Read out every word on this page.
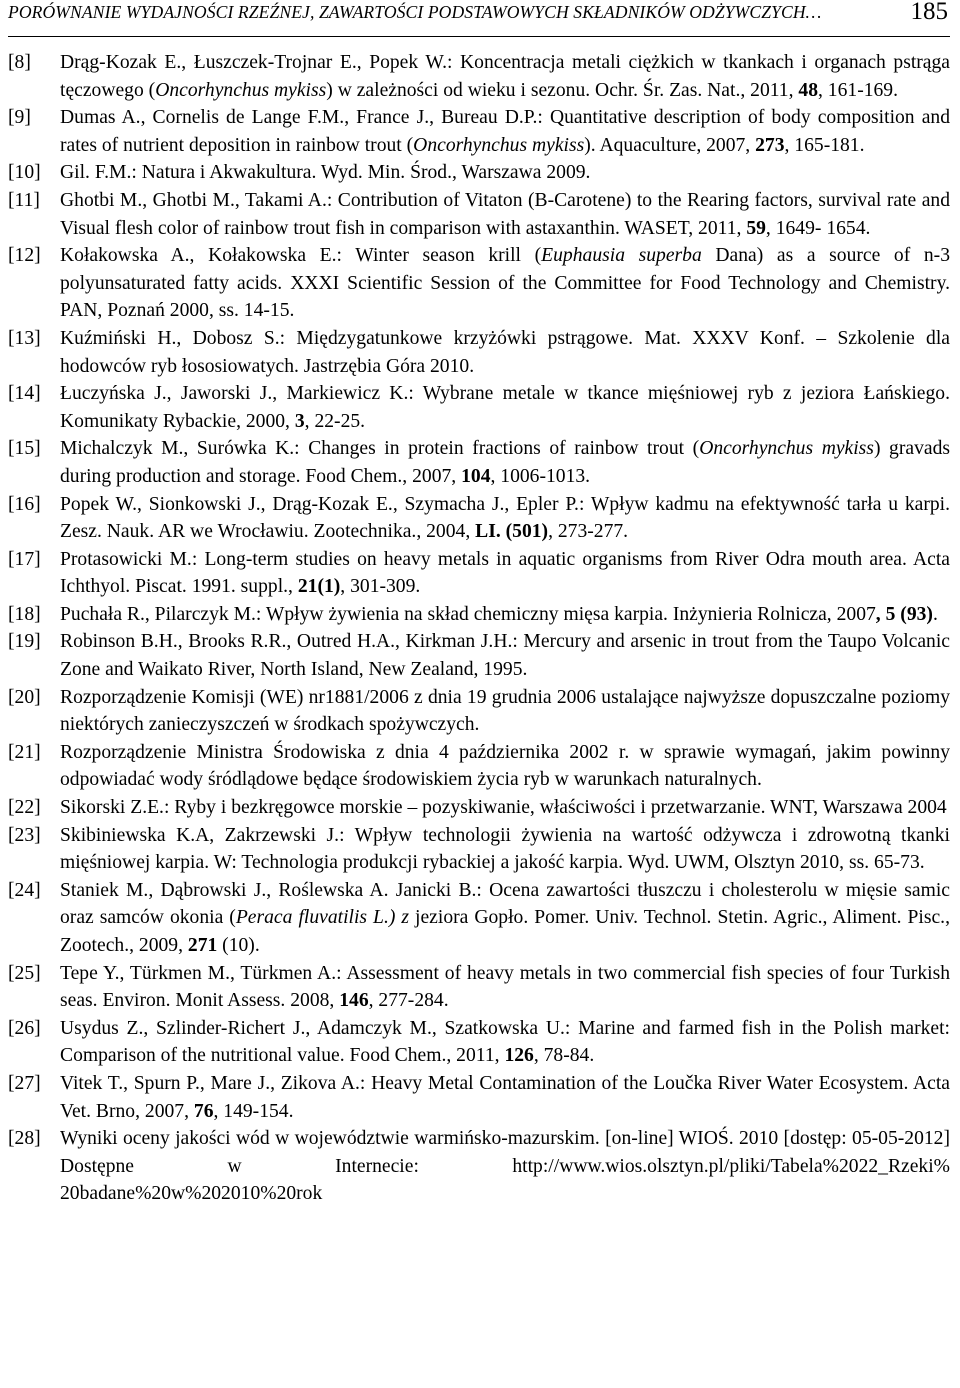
PORÓWNANIE WYDAJNOŚCI RZEŹNEJ, ZAWARTOŚCI PODSTAWOWYCH SKŁADNIKÓW ODŻYWCZYCH…	185

[8] Drąg-Kozak E., Łuszczek-Trojnar E., Popek W.: Koncentracja metali ciężkich w tkankach i organach pstrąga tęczowego (Oncorhynchus mykiss) w zależności od wieku i sezonu. Ochr. Śr. Zas. Nat., 2011, 48, 161-169.

[9] Dumas A., Cornelis de Lange F.M., France J., Bureau D.P.: Quantitative description of body composition and rates of nutrient deposition in rainbow trout (Oncorhynchus mykiss). Aquaculture, 2007, 273, 165-181.

[10] Gil. F.M.: Natura i Akwakultura. Wyd. Min. Środ., Warszawa 2009.

[11] Ghotbi M., Ghotbi M., Takami A.: Contribution of Vitaton (B-Carotene) to the Rearing factors, survival rate and Visual flesh color of rainbow trout fish in comparison with astaxanthin. WASET, 2011, 59, 1649- 1654.

[12] Kołakowska A., Kołakowska E.: Winter season krill (Euphausia superba Dana) as a source of n-3 polyunsaturated fatty acids. XXXI Scientific Session of the Committee for Food Technology and Chemistry. PAN, Poznań 2000, ss. 14-15.

[13] Kuźmiński H., Dobosz S.: Międzygatunkowe krzyżówki pstrągowe. Mat. XXXV Konf. – Szkolenie dla hodowców ryb łososiowatych. Jastrzębia Góra 2010.

[14] Łuczyńska J., Jaworski J., Markiewicz K.: Wybrane metale w tkance mięśniowej ryb z jeziora Łańskiego. Komunikaty Rybackie, 2000, 3, 22-25.

[15] Michalczyk M., Surówka K.: Changes in protein fractions of rainbow trout (Oncorhynchus mykiss) gravads during production and storage. Food Chem., 2007, 104, 1006-1013.

[16] Popek W., Sionkowski J., Drąg-Kozak E., Szymacha J., Epler P.: Wpływ kadmu na efektywność tarła u karpi. Zesz. Nauk. AR we Wrocławiu. Zootechnika., 2004, LI. (501), 273-277.

[17] Protasowicki M.: Long-term studies on heavy metals in aquatic organisms from River Odra mouth area. Acta Ichthyol. Piscat. 1991. suppl., 21(1), 301-309.

[18] Puchała R., Pilarczyk M.: Wpływ żywienia na skład chemiczny mięsa karpia. Inżynieria Rolnicza, 2007, 5 (93).

[19] Robinson B.H., Brooks R.R., Outred H.A., Kirkman J.H.: Mercury and arsenic in trout from the Taupo Volcanic Zone and Waikato River, North Island, New Zealand, 1995.

[20] Rozporządzenie Komisji (WE) nr1881/2006 z dnia 19 grudnia 2006 ustalające najwyższe dopuszczalne poziomy niektórych zanieczyszczeń w środkach spożywczych.

[21] Rozporządzenie Ministra Środowiska z dnia 4 października 2002 r. w sprawie wymagań, jakim powinny odpowiadać wody śródlądowe będące środowiskiem życia ryb w warunkach naturalnych.

[22] Sikorski Z.E.: Ryby i bezkręgowce morskie – pozyskiwanie, właściwości i przetwarzanie. WNT, Warszawa 2004

[23] Skibiniewska K.A, Zakrzewski J.: Wpływ technologii żywienia na wartość odżywcza i zdrowotną tkanki mięśniowej karpia. W: Technologia produkcji rybackiej a jakość karpia. Wyd. UWM, Olsztyn 2010, ss. 65-73.

[24] Staniek M., Dąbrowski J., Roślewska A. Janicki B.: Ocena zawartości tłuszczu i cholesterolu w mięsie samic oraz samców okonia (Peraca fluvatilis L.) z jeziora Gopło. Pomer. Univ. Technol. Stetin. Agric., Aliment. Pisc., Zootech., 2009, 271 (10).

[25] Tepe Y., Türkmen M., Türkmen A.: Assessment of heavy metals in two commercial fish species of four Turkish seas. Environ. Monit Assess. 2008, 146, 277-284.

[26] Usydus Z., Szlinder-Richert J., Adamczyk M., Szatkowska U.: Marine and farmed fish in the Polish market: Comparison of the nutritional value. Food Chem., 2011, 126, 78-84.

[27] Vitek T., Spurn P., Mare J., Zikova A.: Heavy Metal Contamination of the Loučka River Water Ecosystem. Acta Vet. Brno, 2007, 76, 149-154.

[28] Wyniki oceny jakości wód w województwie warmińsko-mazurskim. [on-line] WIOŚ. 2010 [dostęp: 05-05-2012] Dostępne w Internecie: http://www.wios.olsztyn.pl/pliki/Tabela%2022_Rzeki% 20badane%20w%202010%20rok
